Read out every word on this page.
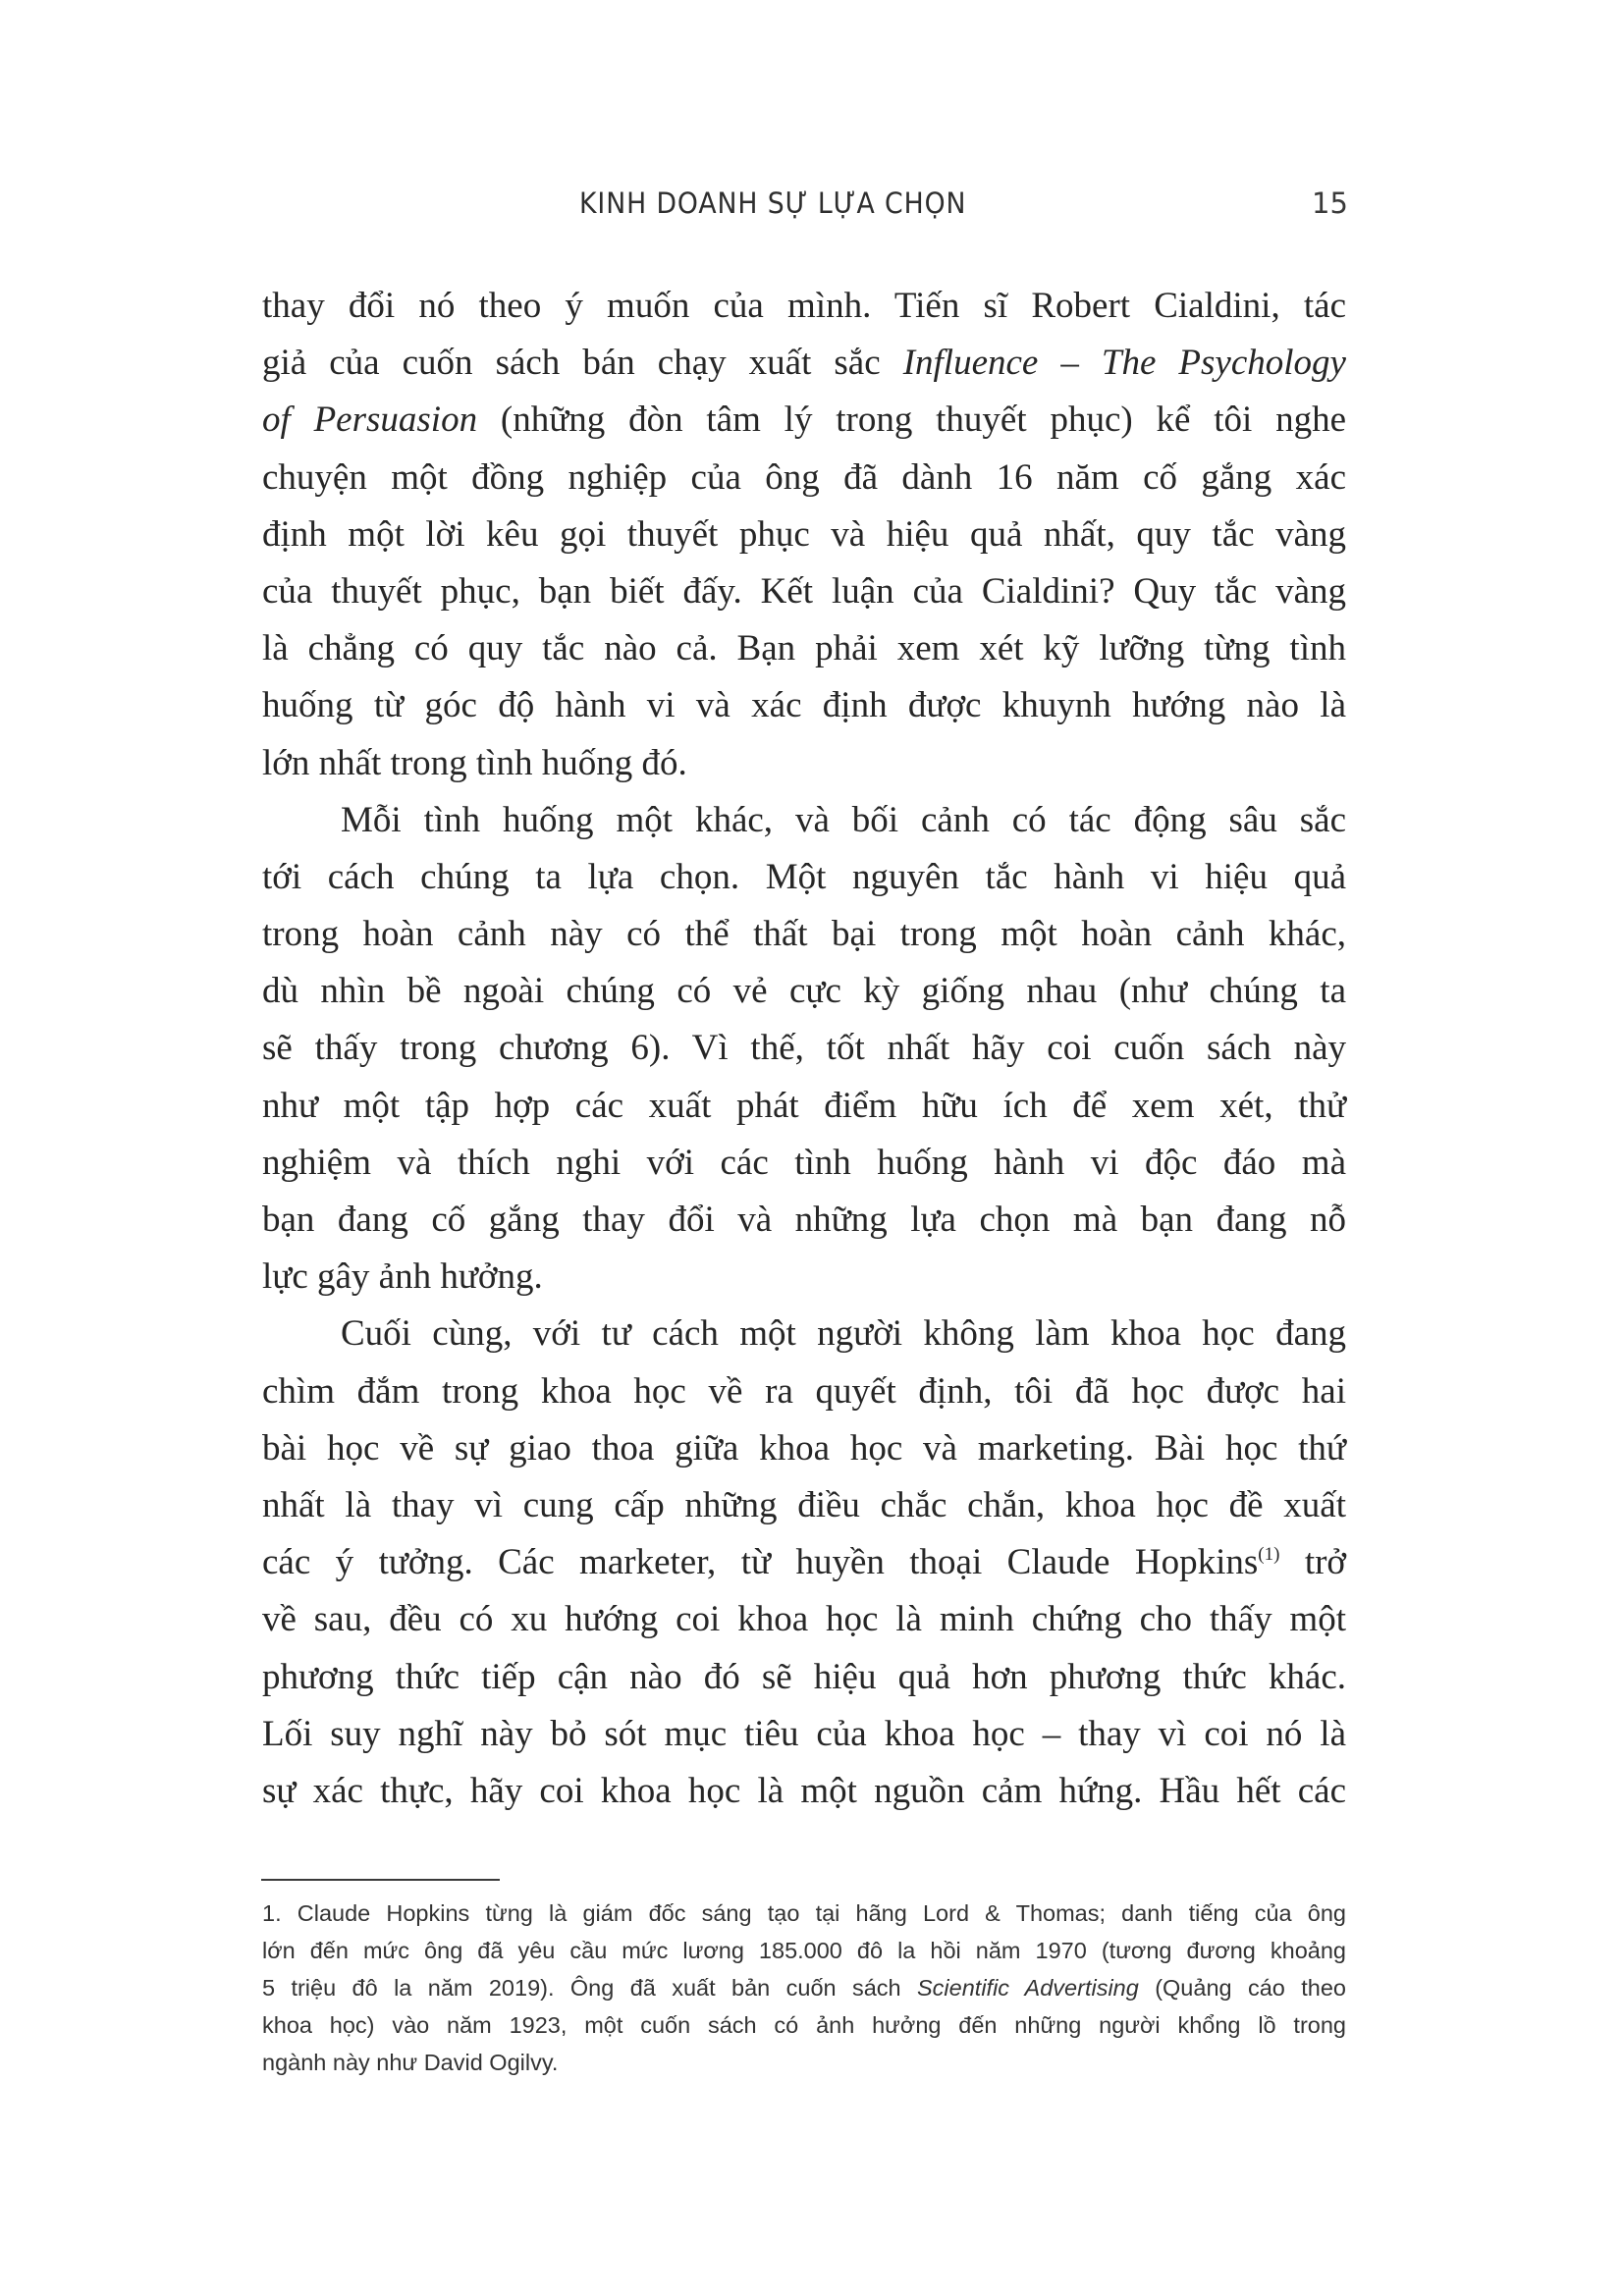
KINH DOANH SỰ LỰA CHỌN	15
thay đổi nó theo ý muốn của mình. Tiến sĩ Robert Cialdini, tác
giả của cuốn sách bán chạy xuất sắc Influence – The Psychology
of Persuasion (những đòn tâm lý trong thuyết phục) kể tôi nghe
chuyện một đồng nghiệp của ông đã dành 16 năm cố gắng xác
định một lời kêu gọi thuyết phục và hiệu quả nhất, quy tắc vàng
của thuyết phục, bạn biết đấy. Kết luận của Cialdini? Quy tắc vàng
là chẳng có quy tắc nào cả. Bạn phải xem xét kỹ lưỡng từng tình
huống từ góc độ hành vi và xác định được khuynh hướng nào là
lớn nhất trong tình huống đó.
Mỗi tình huống một khác, và bối cảnh có tác động sâu sắc
tới cách chúng ta lựa chọn. Một nguyên tắc hành vi hiệu quả
trong hoàn cảnh này có thể thất bại trong một hoàn cảnh khác,
dù nhìn bề ngoài chúng có vẻ cực kỳ giống nhau (như chúng ta
sẽ thấy trong chương 6). Vì thế, tốt nhất hãy coi cuốn sách này
như một tập hợp các xuất phát điểm hữu ích để xem xét, thử
nghiệm và thích nghi với các tình huống hành vi độc đáo mà
bạn đang cố gắng thay đổi và những lựa chọn mà bạn đang nỗ
lực gây ảnh hưởng.
Cuối cùng, với tư cách một người không làm khoa học đang
chìm đắm trong khoa học về ra quyết định, tôi đã học được hai
bài học về sự giao thoa giữa khoa học và marketing. Bài học thứ
nhất là thay vì cung cấp những điều chắc chắn, khoa học đề xuất
các ý tưởng. Các marketer, từ huyền thoại Claude Hopkins$^{(1)}$ trở
về sau, đều có xu hướng coi khoa học là minh chứng cho thấy một
phương thức tiếp cận nào đó sẽ hiệu quả hơn phương thức khác.
Lối suy nghĩ này bỏ sót mục tiêu của khoa học – thay vì coi nó là
sự xác thực, hãy coi khoa học là một nguồn cảm hứng. Hầu hết các
1. Claude Hopkins từng là giám đốc sáng tạo tại hãng Lord & Thomas; danh tiếng của ông
lớn đến mức ông đã yêu cầu mức lương 185.000 đô la hồi năm 1970 (tương đương khoảng
5 triệu đô la năm 2019). Ông đã xuất bản cuốn sách Scientific Advertising (Quảng cáo theo
khoa học) vào năm 1923, một cuốn sách có ảnh hưởng đến những người khổng lồ trong
ngành này như David Ogilvy.
